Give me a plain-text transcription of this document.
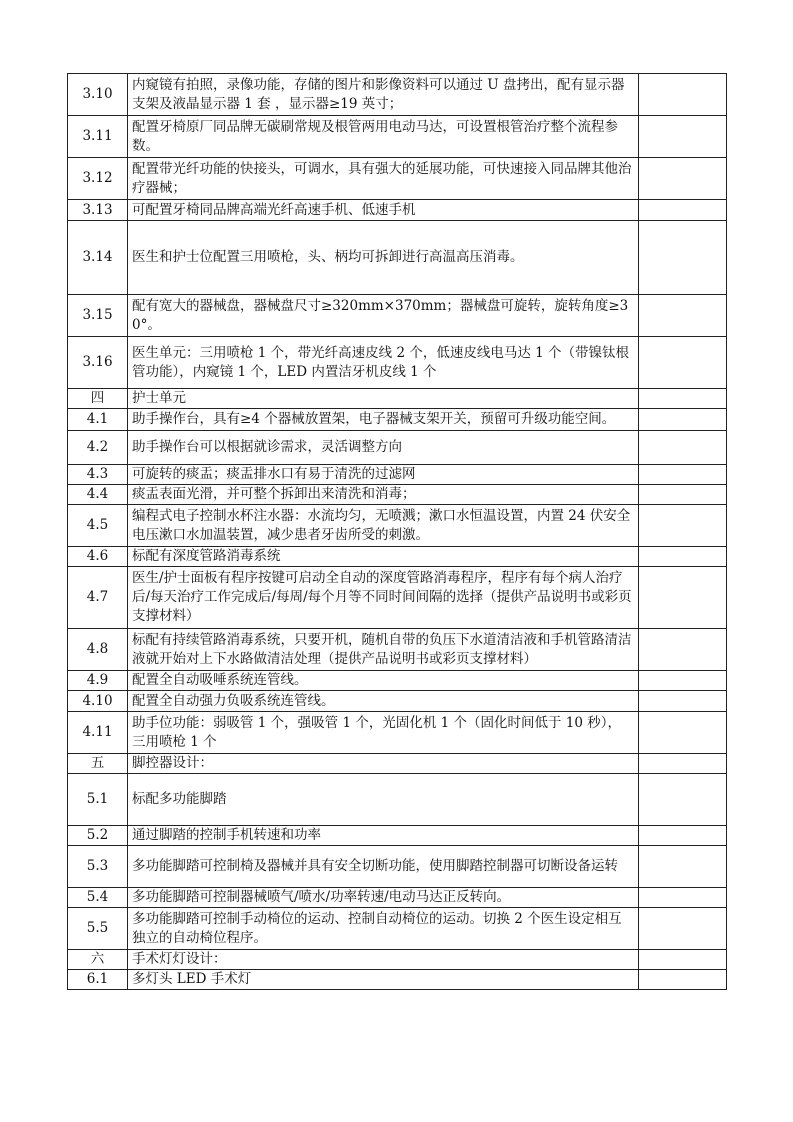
3.10	内窥镜有拍照，录像功能，存储的图片和影像资料可以通过 U 盘拷出，配有显示器支架及液晶显示器 1 套 ，显示器≥19 英寸；	
3.11	配置牙椅原厂同品牌无碳刷常规及根管两用电动马达，可设置根管治疗整个流程参数。	
3.12	配置带光纤功能的快接头，可调水，具有强大的延展功能，可快速接入同品牌其他治疗器械；	
3.13	可配置牙椅同品牌高端光纤高速手机、低速手机	
3.14	医生和护士位配置三用喷枪，头、柄均可拆卸进行高温高压消毒。	
3.15	配有宽大的器械盘，器械盘尺寸≥320mm×370mm；器械盘可旋转，旋转角度≥30°。	
3.16	医生单元：三用喷枪 1 个，带光纤高速皮线 2 个，低速皮线电马达 1 个（带镍钛根管功能），内窥镜 1 个，LED 内置洁牙机皮线 1 个	
四	护士单元	
4.1	助手操作台，具有≥4 个器械放置架，电子器械支架开关，预留可升级功能空间。	
4.2	助手操作台可以根据就诊需求，灵活调整方向	
4.3	可旋转的痰盂；痰盂排水口有易于清洗的过滤网	
4.4	痰盂表面光滑，并可整个拆卸出来清洗和消毒；	
4.5	编程式电子控制水杯注水器：水流均匀，无喷溅；漱口水恒温设置，内置 24 伏安全电压漱口水加温装置，减少患者牙齿所受的刺激。	
4.6	标配有深度管路消毒系统	
4.7	医生/护士面板有程序按键可启动全自动的深度管路消毒程序，程序有每个病人治疗后/每天治疗工作完成后/每周/每个月等不同时间间隔的选择（提供产品说明书或彩页支撑材料）	
4.8	标配有持续管路消毒系统，只要开机，随机自带的负压下水道清洁液和手机管路清洁液就开始对上下水路做清洁处理（提供产品说明书或彩页支撑材料）	
4.9	配置全自动吸唾系统连管线。	
4.10	配置全自动强力负吸系统连管线。	
4.11	助手位功能：弱吸管 1 个，强吸管 1 个，光固化机 1 个（固化时间低于 10 秒），三用喷枪 1 个	
五	脚控器设计：	
5.1	标配多功能脚踏	
5.2	通过脚踏的控制手机转速和功率	
5.3	多功能脚踏可控制椅及器械并具有安全切断功能，使用脚踏控制器可切断设备运转	
5.4	多功能脚踏可控制器械喷气/喷水/功率转速/电动马达正反转向。	
5.5	多功能脚踏可控制手动椅位的运动、控制自动椅位的运动。切换 2 个医生设定相互独立的自动椅位程序。	
六	手术灯灯设计：	
6.1	多灯头 LED 手术灯	
